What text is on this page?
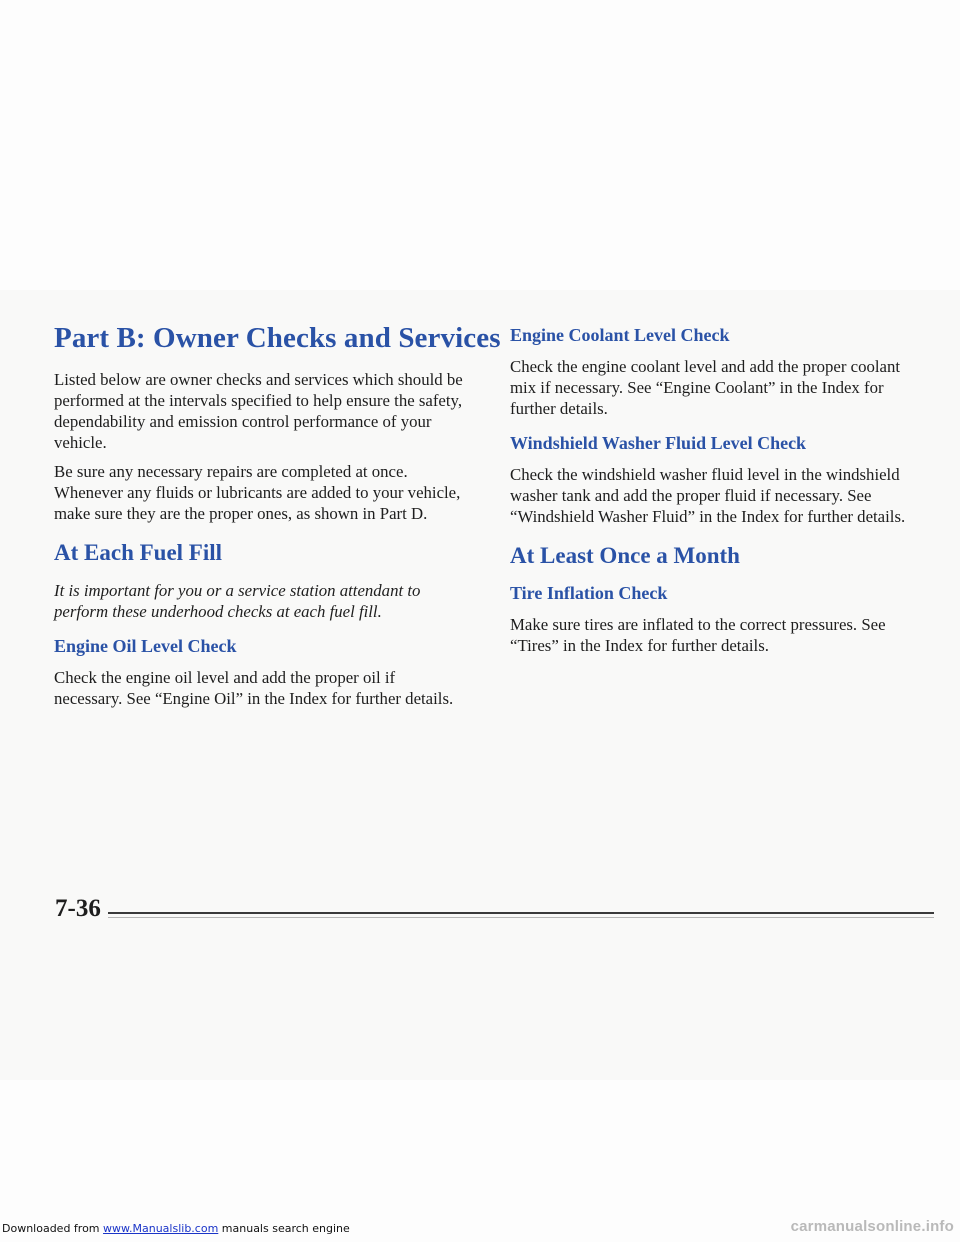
Part B: Owner Checks and Services

Listed below are owner checks and services which should be performed at the intervals specified to help ensure the safety, dependability and emission control performance of your vehicle.

Be sure any necessary repairs are completed at once. Whenever any fluids or lubricants are added to your vehicle, make sure they are the proper ones, as shown in Part D.

At Each Fuel Fill

It is important for you or a service station attendant to perform these underhood checks at each fuel fill.

Engine Oil Level Check

Check the engine oil level and add the proper oil if necessary. See “Engine Oil” in the Index for further details.

Engine Coolant Level Check

Check the engine coolant level and add the proper coolant mix if necessary. See “Engine Coolant” in the Index for further details.

Windshield Washer Fluid Level Check

Check the windshield washer fluid level in the windshield washer tank and add the proper fluid if necessary. See “Windshield Washer Fluid” in the Index for further details.

At Least Once a Month
Tire Inflation Check

Make sure tires are inflated to the correct pressures. See “Tires” in the Index for further details.

7-36
Downloaded from www.Manualslib.com manuals search engine	carmanualsonline.info
